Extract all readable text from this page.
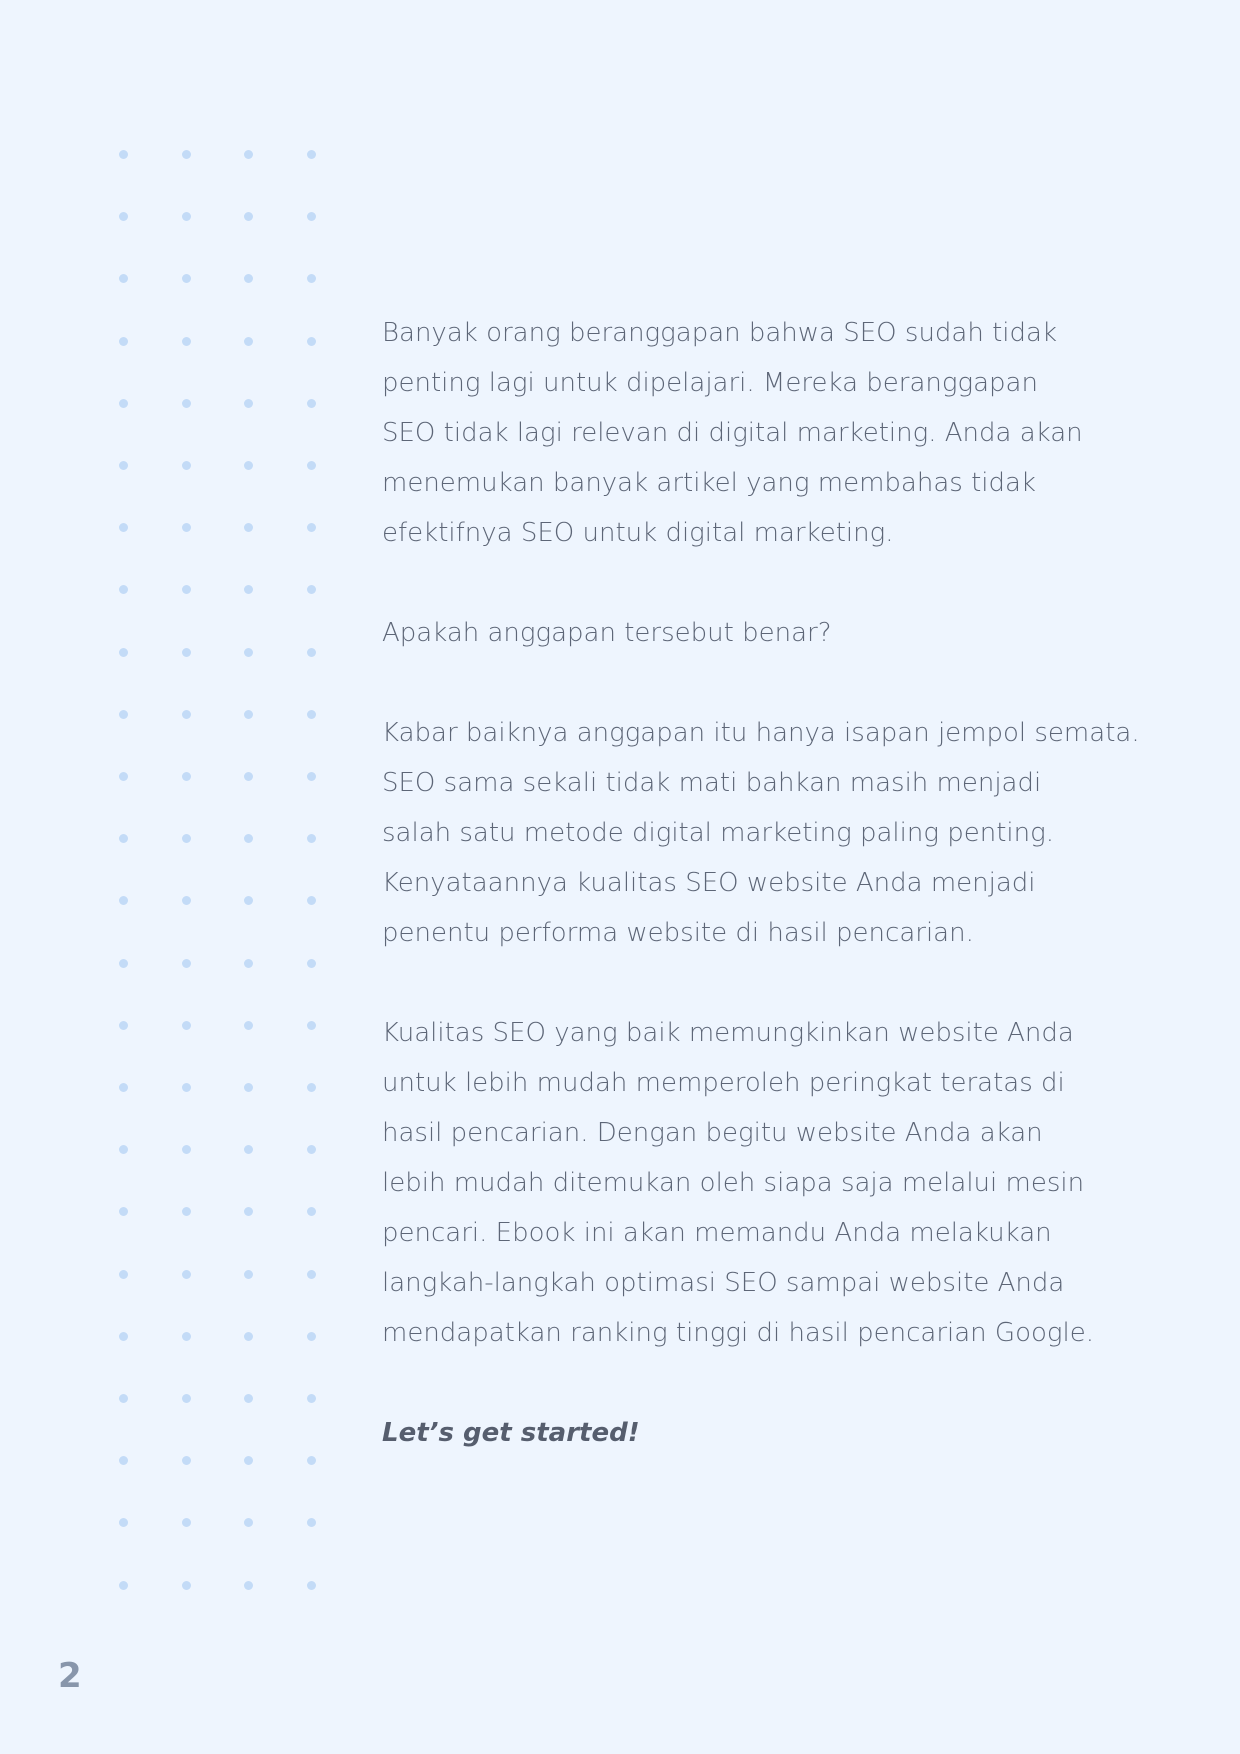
Banyak orang beranggapan bahwa SEO sudah tidak
penting lagi untuk dipelajari. Mereka beranggapan
SEO tidak lagi relevan di digital marketing. Anda akan
menemukan banyak artikel yang membahas tidak
efektifnya SEO untuk digital marketing.

Apakah anggapan tersebut benar?

Kabar baiknya anggapan itu hanya isapan jempol semata.
SEO sama sekali tidak mati bahkan masih menjadi
salah satu metode digital marketing paling penting.
Kenyataannya kualitas SEO website Anda menjadi
penentu performa website di hasil pencarian.

Kualitas SEO yang baik memungkinkan website Anda
untuk lebih mudah memperoleh peringkat teratas di
hasil pencarian. Dengan begitu website Anda akan
lebih mudah ditemukan oleh siapa saja melalui mesin
pencari. Ebook ini akan memandu Anda melakukan
langkah-langkah optimasi SEO sampai website Anda
mendapatkan ranking tinggi di hasil pencarian Google.

Let’s get started!

2
